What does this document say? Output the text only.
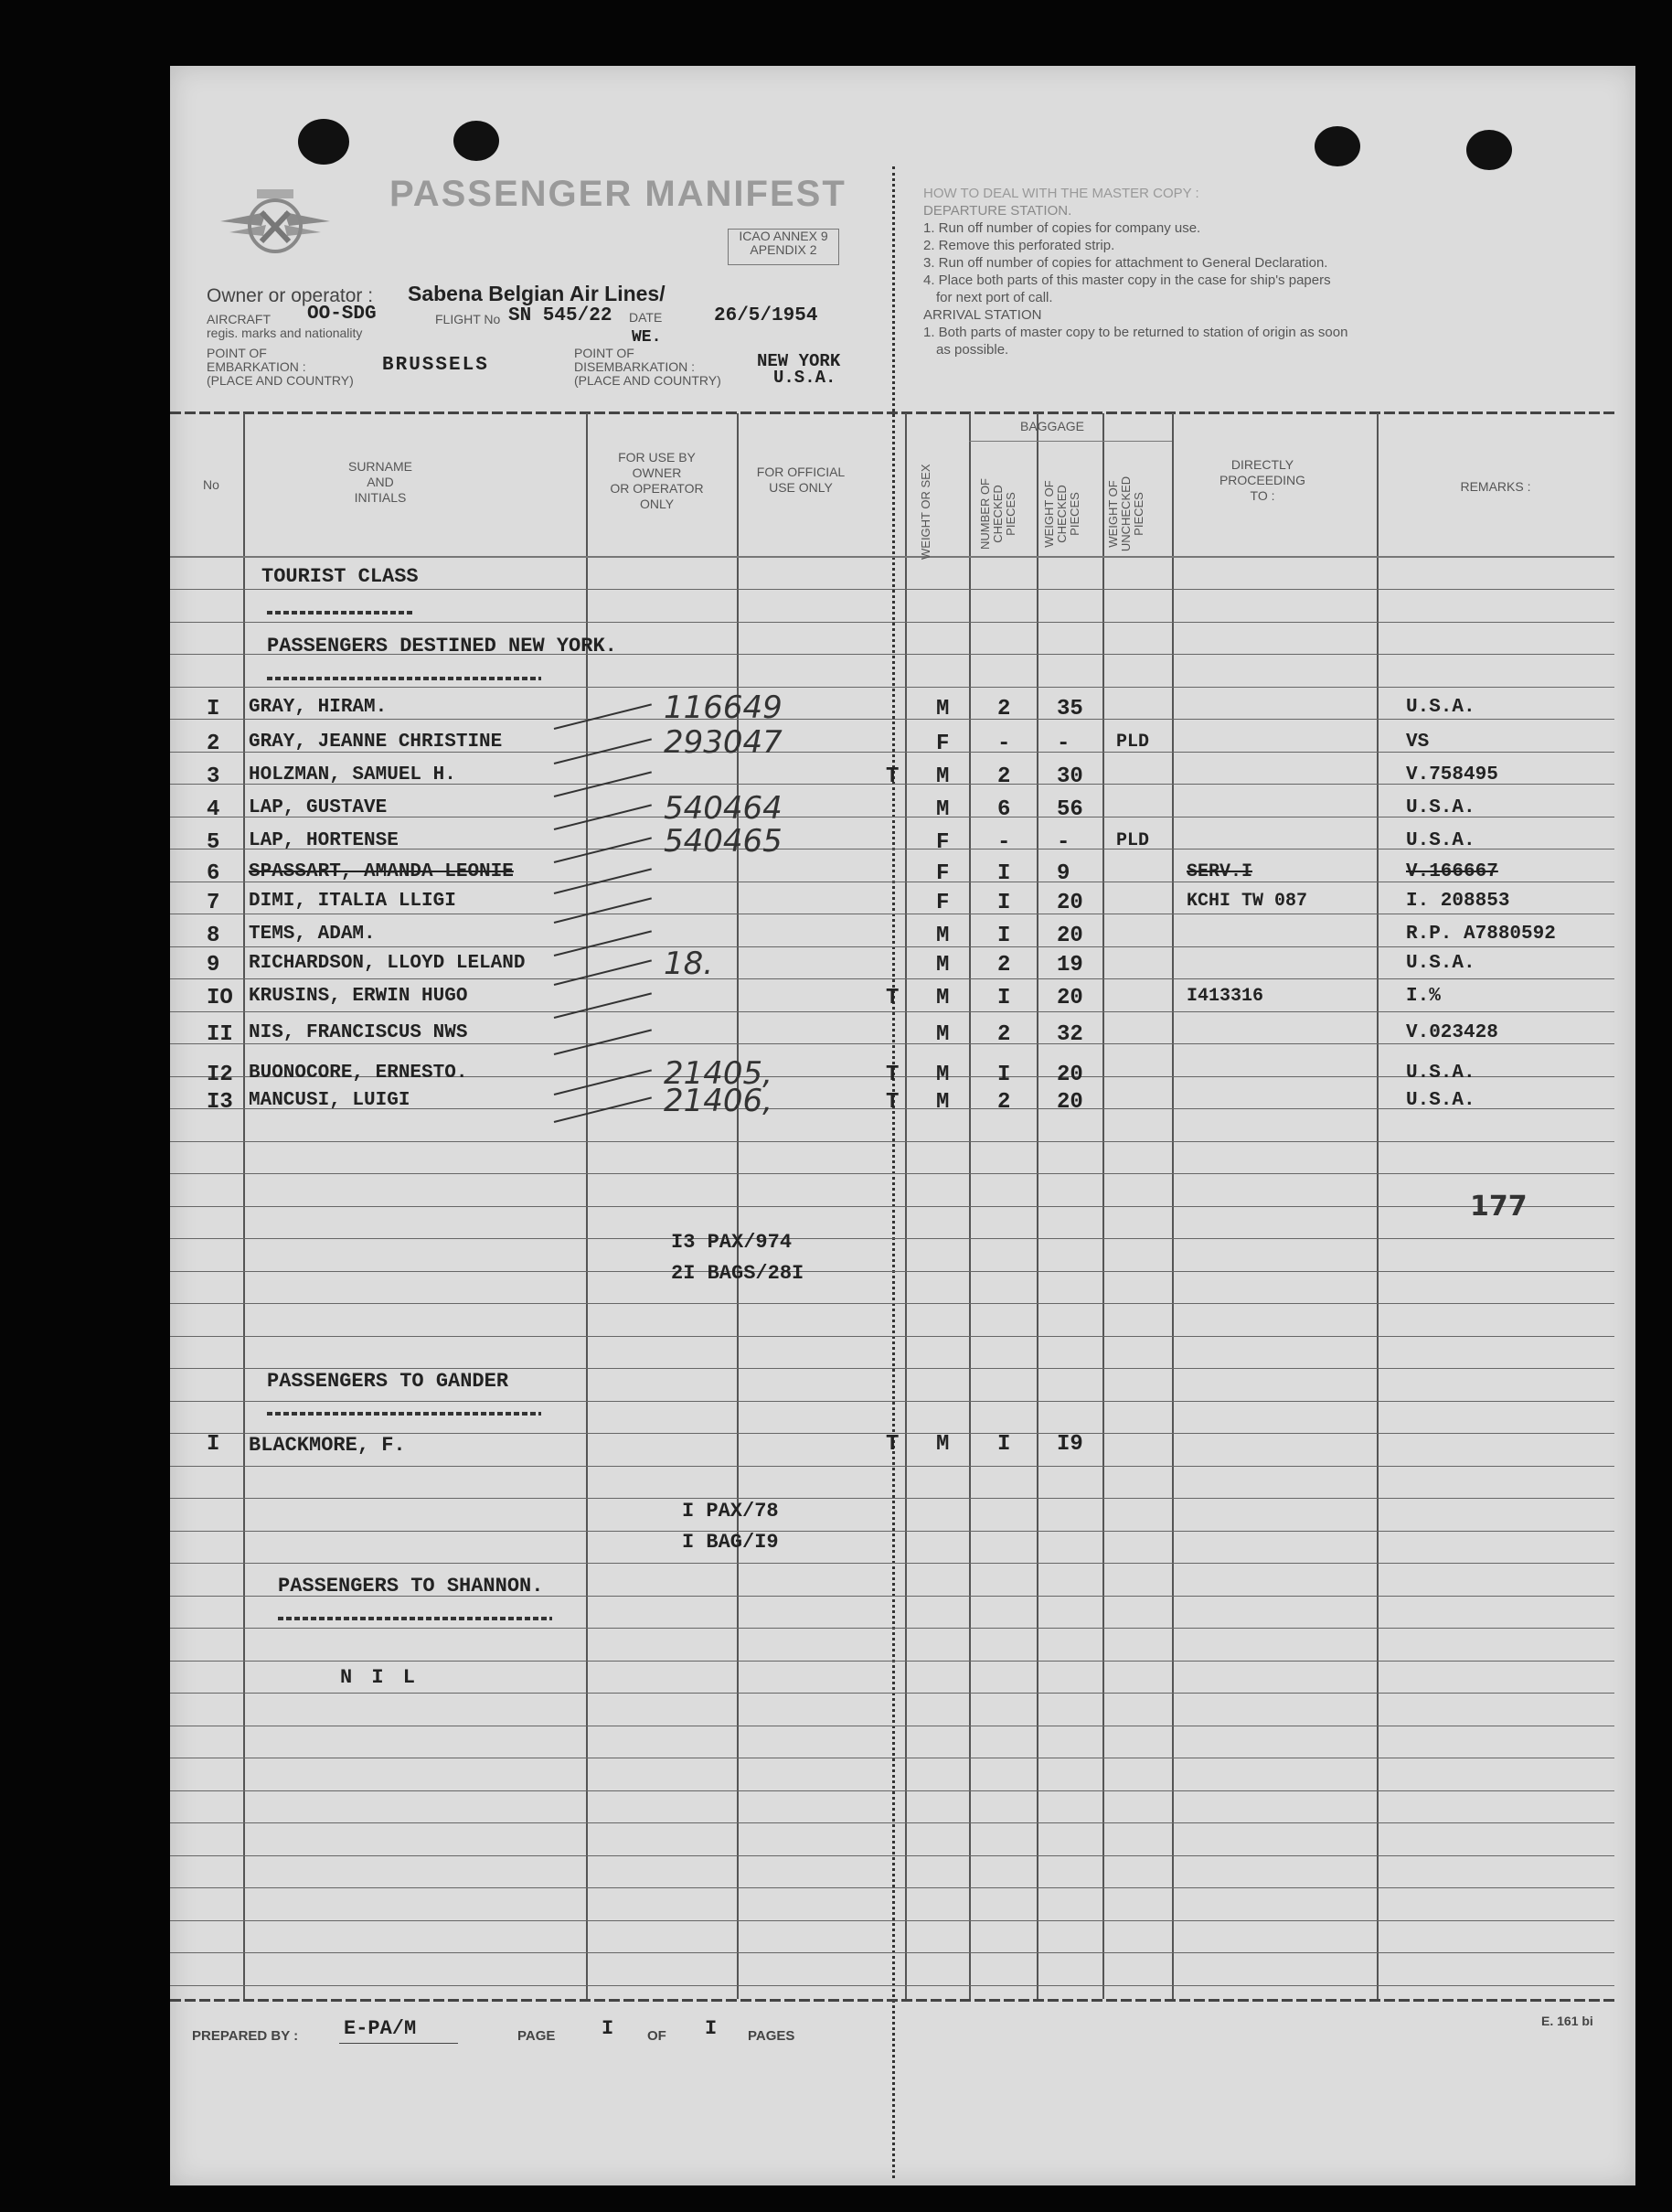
PASSENGER MANIFEST
ICAO ANNEX 9
APENDIX 2
Owner or operator : Sabena Belgian Air Lines/
AIRCRAFT OO-SDG
regis. marks and nationality
FLIGHT No SN 545/22
WE.
DATE	26/5/1954
POINT OF
EMBARKATION :
(PLACE AND COUNTRY)
BRUSSELS
POINT OF
DISEMBARKATION :
(PLACE AND COUNTRY)
NEW YORK
U.S.A.
HOW TO DEAL WITH THE MASTER COPY :
DEPARTURE STATION.
1. Run off number of copies for company use.
2. Remove this perforated strip.
3. Run off number of copies for attachment to General Declaration.
4. Place both parts of this master copy in the case for ship's papers
for next port of call.
ARRIVAL STATION
1. Both parts of master copy to be returned to station of origin as soon
as possible.
No
SURNAME
AND
INITIALS
FOR USE BY
OWNER
OR OPERATOR
ONLY
FOR OFFICIAL
USE ONLY	WEIGHT OR SEX
BAGGAGE
NUMBER OF CHECKED PIECES WEIGHT OF CHECKED PIECES WEIGHT OF UNCHECKED PIECES
DIRECTLY
PROCEEDING
TO :
REMARKS :
TOURIST CLASS
PASSENGERS DESTINED NEW YORK.
I GRAY, HIRAM.	116649	M 2 35	U.S.A.
2 GRAY, JEANNE CHRISTINE	293047	F - -	PLD	VS
3 HOLZMAN, SAMUEL H.	T M 2 30	V.758495
4 LAP, GUSTAVE	540464	M 6 56	U.S.A.
5 LAP, HORTENSE	540465	F - -	PLD	U.S.A.
6 SPASSART, AMANDA LEONIE	F I 9	SERV.I	V.166667
7 DIMI, ITALIA LLIGI	F I 20	KCHI TW 087	I. 208853
8 TEMS, ADAM.	M I 20	R.P. A7880592
9 RICHARDSON, LLOYD LELAND	18.	M 2 19	U.S.A.
IO KRUSINS, ERWIN HUGO	T M I 20	I413316	I.%
II NIS, FRANCISCUS NWS	M 2 32	V.023428
I2 BUONOCORE, ERNESTO.	21405,	T M I 20	U.S.A.
I3 MANCUSI, LUIGI	21406,	T M 2 20	U.S.A.
177
I3 PAX/974
2I BAGS/28I
PASSENGERS TO GANDER
I BLACKMORE, F.	T M I I9
I PAX/78
I BAG/I9
PASSENGERS TO SHANNON.
N I L
PREPARED BY : E-PA/M	PAGE I OF I PAGES
E. 161 bi
